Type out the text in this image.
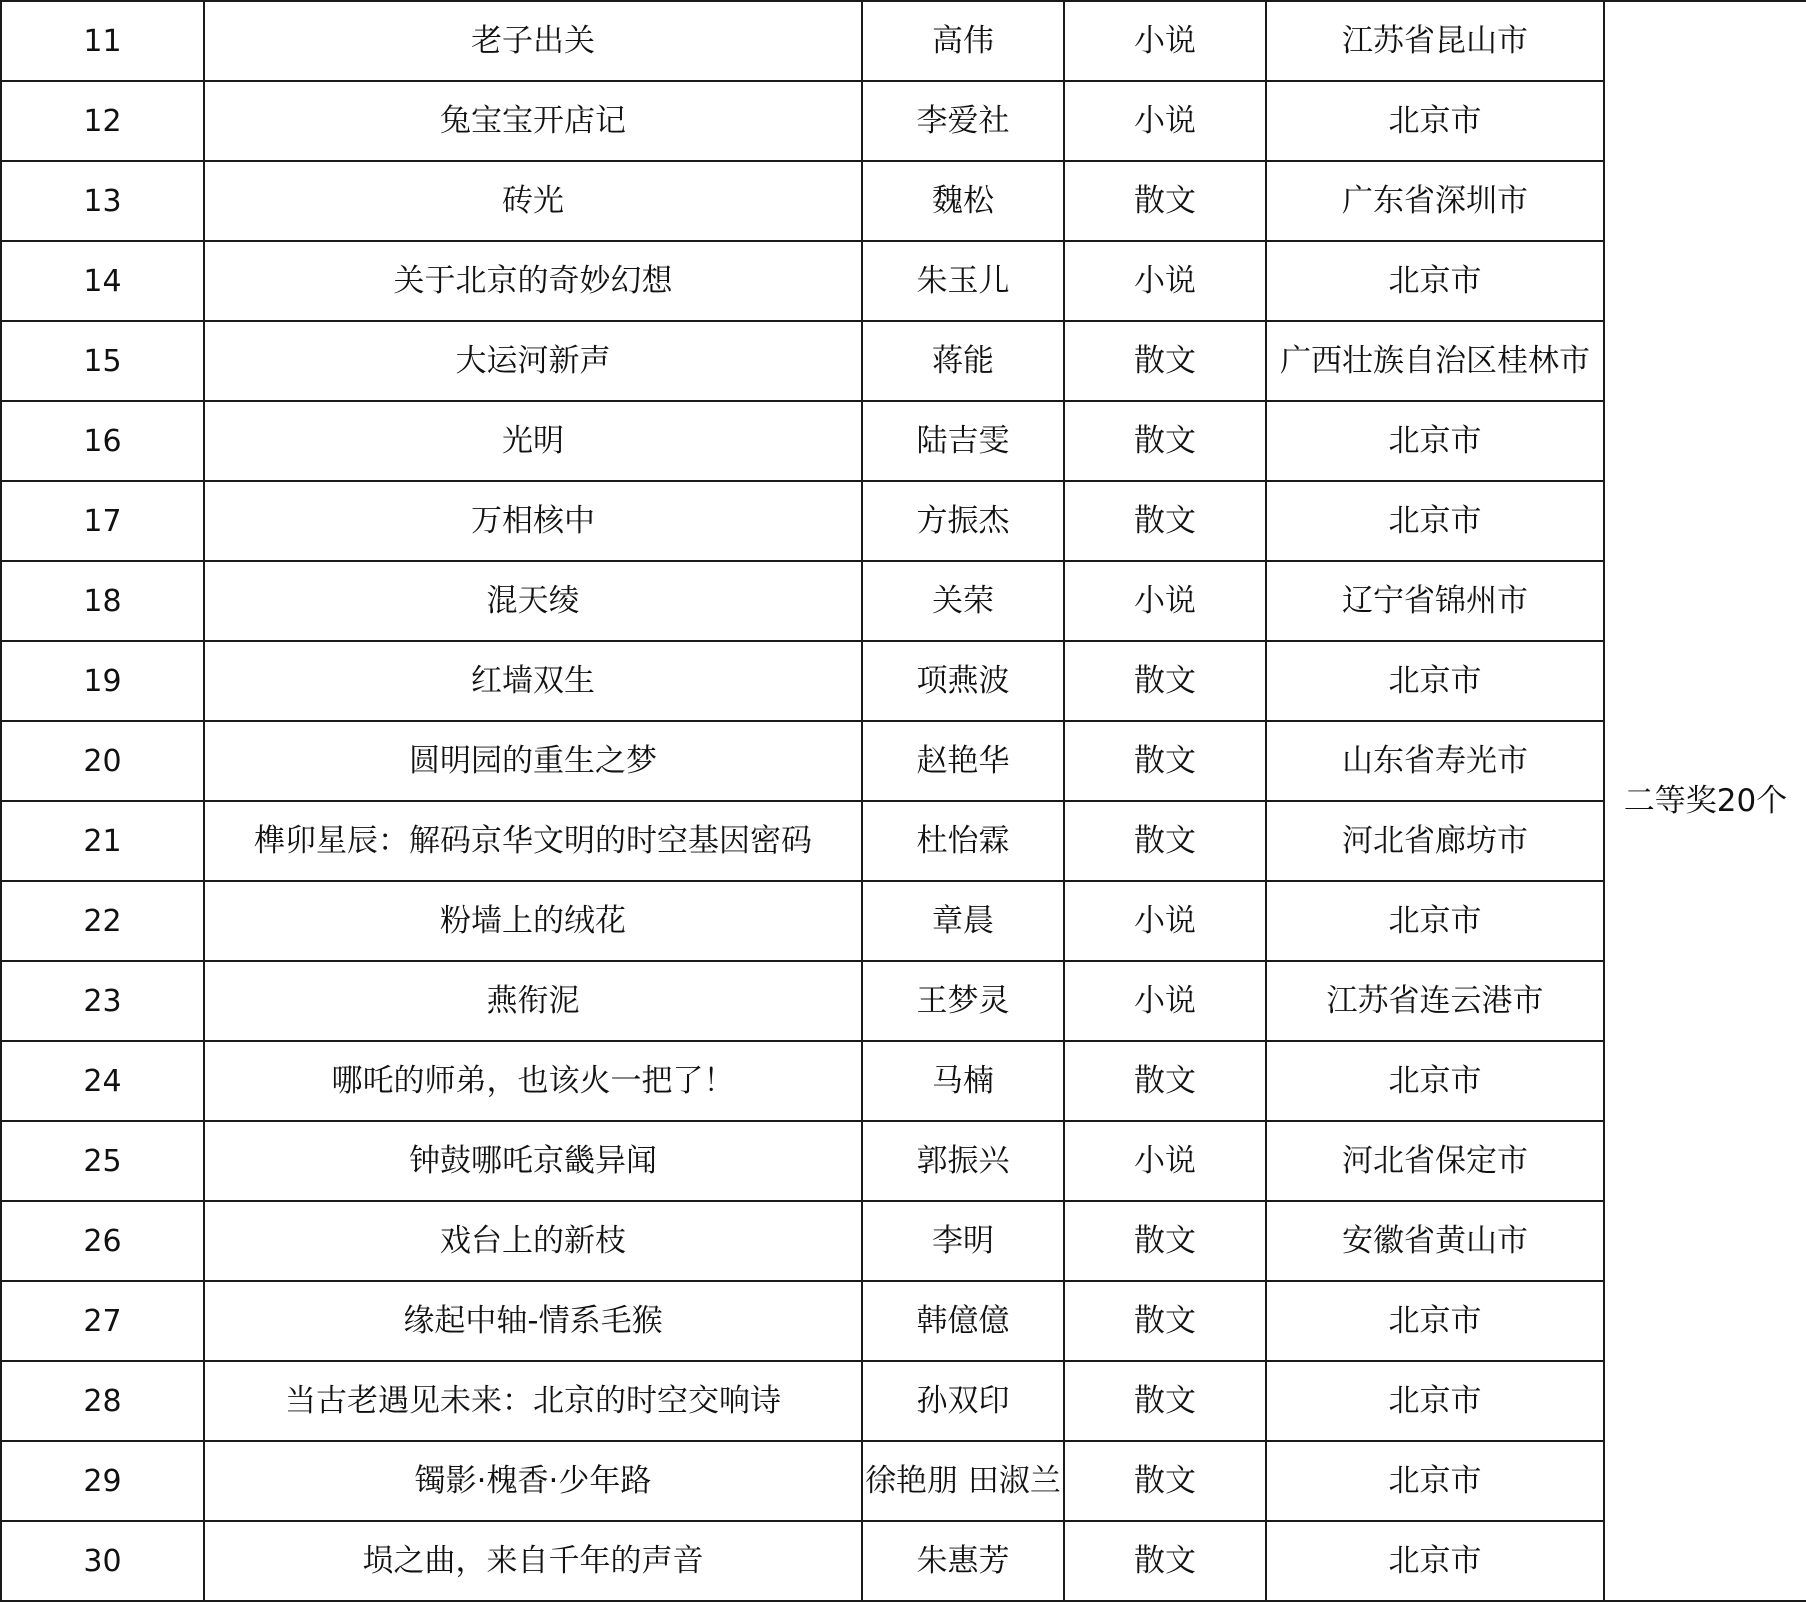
11	老子出关	高伟	小说	江苏省昆山市	二等奖20个
12	兔宝宝开店记	李爱社	小说	北京市	
13	砖光	魏松	散文	广东省深圳市	
14	关于北京的奇妙幻想	朱玉儿	小说	北京市	
15	大运河新声	蒋能	散文	广西壮族自治区桂林市	
16	光明	陆吉雯	散文	北京市	
17	万相核中	方振杰	散文	北京市	
18	混天绫	关荣	小说	辽宁省锦州市	
19	红墙双生	项燕波	散文	北京市	
20	圆明园的重生之梦	赵艳华	散文	山东省寿光市	
21	榫卯星辰：解码京华文明的时空基因密码	杜怡霖	散文	河北省廊坊市	
22	粉墙上的绒花	章晨	小说	北京市	
23	燕衔泥	王梦灵	小说	江苏省连云港市	
24	哪吒的师弟，也该火一把了！	马楠	散文	北京市	
25	钟鼓哪吒京畿异闻	郭振兴	小说	河北省保定市	
26	戏台上的新枝	李明	散文	安徽省黄山市	
27	缘起中轴-情系毛猴	韩億億	散文	北京市	
28	当古老遇见未来：北京的时空交响诗	孙双印	散文	北京市	
29	镯影·槐香·少年路	徐艳朋 田淑兰	散文	北京市	
30	埙之曲，来自千年的声音	朱惠芳	散文	北京市	
